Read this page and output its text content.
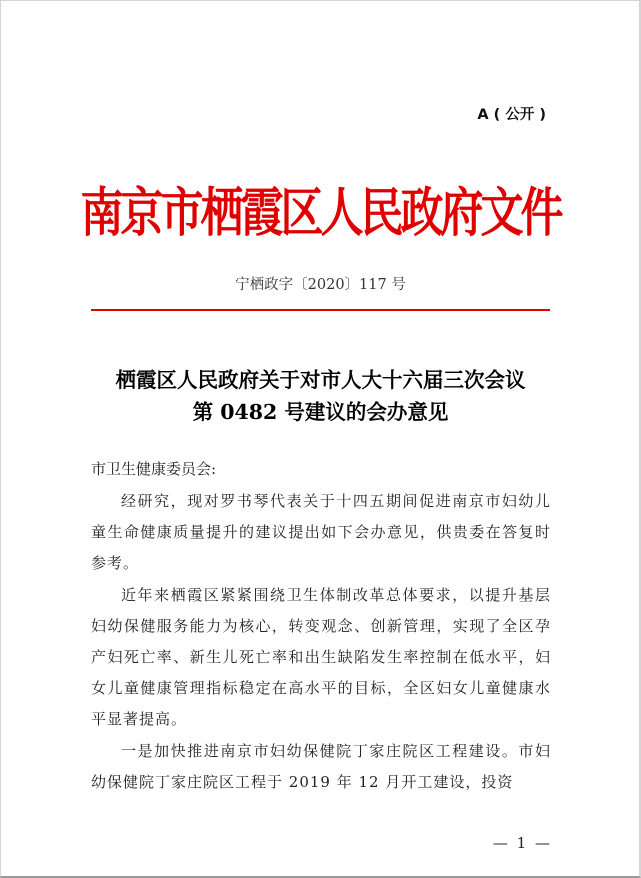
A ( 公开 )
南京市栖霞区人民政府文件
宁栖政字〔2020〕117 号
栖霞区人民政府关于对市人大十六届三次会议
第 0482 号建议的会办意见
市卫生健康委员会:

经研究，现对罗书琴代表关于十四五期间促进南京市妇幼儿童生命健康质量提升的建议提出如下会办意见，供贵委在答复时参考。

近年来栖霞区紧紧围绕卫生体制改革总体要求，以提升基层妇幼保健服务能力为核心，转变观念、创新管理，实现了全区孕产妇死亡率、新生儿死亡率和出生缺陷发生率控制在低水平，妇女儿童健康管理指标稳定在高水平的目标，全区妇女儿童健康水平显著提高。

一是加快推进南京市妇幼保健院丁家庄院区工程建设。市妇幼保健院丁家庄院区工程于 2019 年 12 月开工建设，投资

— 1 —
